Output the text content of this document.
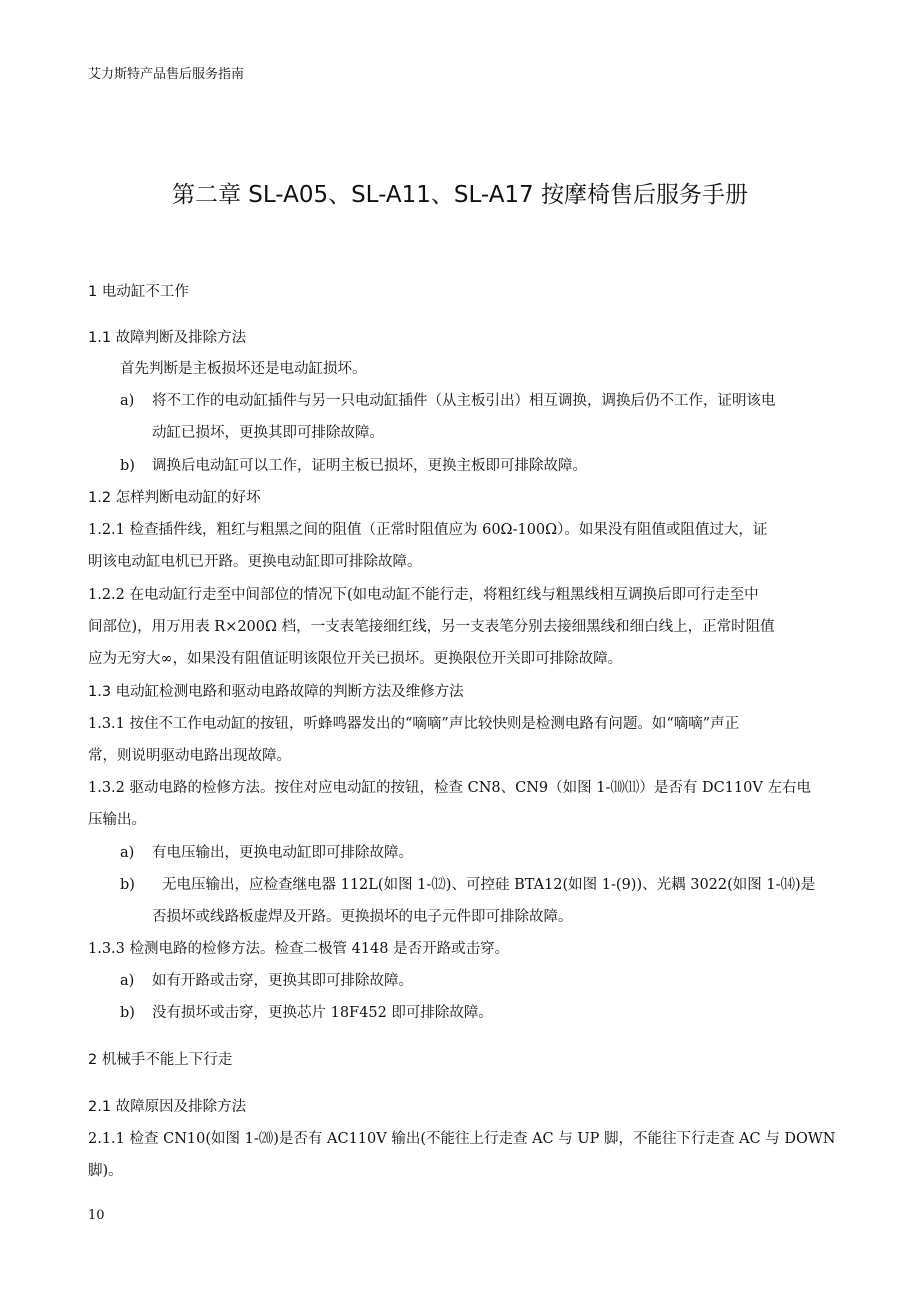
艾力斯特产品售后服务指南
第二章 SL-A05、SL-A11、SL-A17 按摩椅售后服务手册
1 电动缸不工作
1.1 故障判断及排除方法
首先判断是主板损坏还是电动缸损坏。
a) 将不工作的电动缸插件与另一只电动缸插件（从主板引出）相互调换，调换后仍不工作，证明该电
动缸已损坏，更换其即可排除故障。
b) 调换后电动缸可以工作，证明主板已损坏，更换主板即可排除故障。
1.2 怎样判断电动缸的好坏
1.2.1 检查插件线，粗红与粗黑之间的阻值（正常时阻值应为 60Ω-100Ω）。如果没有阻值或阻值过大，证
明该电动缸电机已开路。更换电动缸即可排除故障。
1.2.2 在电动缸行走至中间部位的情况下(如电动缸不能行走，将粗红线与粗黑线相互调换后即可行走至中
间部位)，用万用表 R×200Ω 档，一支表笔接细红线，另一支表笔分别去接细黑线和细白线上，正常时阻值
应为无穷大∞，如果没有阻值证明该限位开关已损坏。更换限位开关即可排除故障。
1.3 电动缸检测电路和驱动电路故障的判断方法及维修方法
1.3.1 按住不工作电动缸的按钮，听蜂鸣器发出的“嘀嘀”声比较快则是检测电路有问题。如“嘀嘀”声正
常，则说明驱动电路出现故障。
1.3.2 驱动电路的检修方法。按住对应电动缸的按钮，检查 CN8、CN9（如图 1-⑽⑾）是否有 DC110V 左右电
压输出。
a) 有电压输出，更换电动缸即可排除故障。
b) 无电压输出，应检查继电器 112L(如图 1-⑿)、可控硅 BTA12(如图 1-(9))、光耦 3022(如图 1-⒁)是
否损坏或线路板虚焊及开路。更换损坏的电子元件即可排除故障。
1.3.3 检测电路的检修方法。检查二极管 4148 是否开路或击穿。
a) 如有开路或击穿，更换其即可排除故障。
b) 没有损坏或击穿，更换芯片 18F452 即可排除故障。
2 机械手不能上下行走
2.1 故障原因及排除方法
2.1.1 检查 CN10(如图 1-⒇)是否有 AC110V 输出(不能往上行走查 AC 与 UP 脚，不能往下行走查 AC 与 DOWN
脚)。
10
